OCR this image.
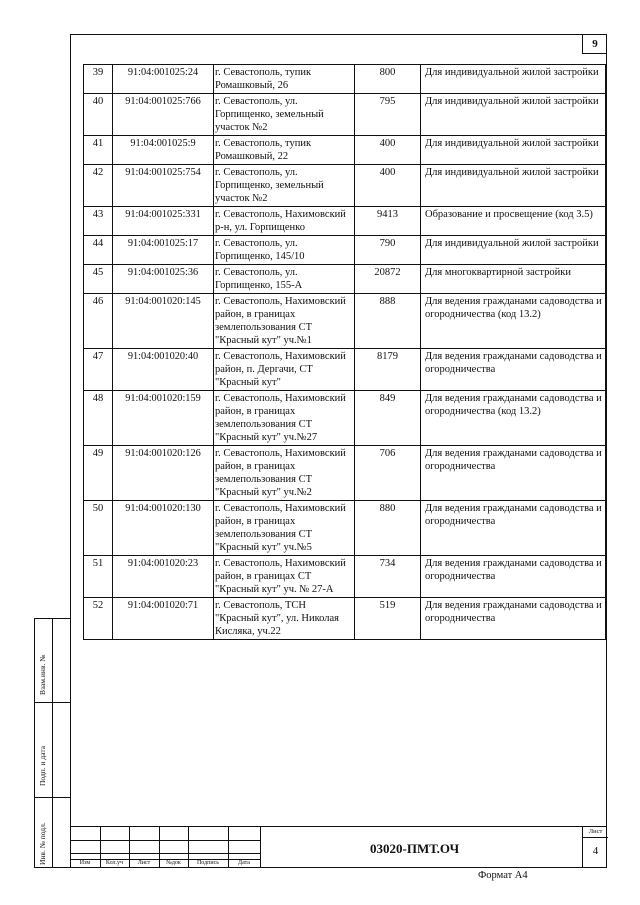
9
39	91:04:001025:24	г. Севастополь, тупик Ромашковый, 26	800	Для индивидуальной жилой застройки
40	91:04:001025:766	г. Севастополь, ул. Горпищенко, земельный участок №2	795	Для индивидуальной жилой застройки
41	91:04:001025:9	г. Севастополь, тупик Ромашковый, 22	400	Для индивидуальной жилой застройки
42	91:04:001025:754	г. Севастополь, ул. Горпищенко, земельный участок №2	400	Для индивидуальной жилой застройки
43	91:04:001025:331	г. Севастополь, Нахимовский р-н, ул. Горпищенко	9413	Образование и просвещение (код 3.5)
44	91:04:001025:17	г. Севастополь, ул. Горпищенко, 145/10	790	Для индивидуальной жилой застройки
45	91:04:001025:36	г. Севастополь, ул. Горпищенко, 155-А	20872	Для многоквартирной застройки
46	91:04:001020:145	г. Севастополь, Нахимовский район, в границах землепользования СТ "Красный кут" уч.№1	888	Для ведения гражданами садоводства и огородничества (код 13.2)
47	91:04:001020:40	г. Севастополь, Нахимовский район, п. Дергачи, СТ "Красный кут"	8179	Для ведения гражданами садоводства и огородничества
48	91:04:001020:159	г. Севастополь, Нахимовский район, в границах землепользования СТ "Красный кут" уч.№27	849	Для ведения гражданами садоводства и огородничества (код 13.2)
49	91:04:001020:126	г. Севастополь, Нахимовский район, в границах землепользования СТ "Красный кут" уч.№2	706	Для ведения гражданами садоводства и огородничества
50	91:04:001020:130	г. Севастополь, Нахимовский район, в границах землепользования СТ "Красный кут" уч.№5	880	Для ведения гражданами садоводства и огородничества
51	91:04:001020:23	г. Севастополь, Нахимовский район, в границах СТ "Красный кут" уч. № 27-А	734	Для ведения гражданами садоводства и огородничества
52	91:04:001020:71	г. Севастополь, ТСН "Красный кут", ул. Николая Кисляка, уч.22	519	Для ведения гражданами садоводства и огородничества
Взам.инв. №
Подп. и дата
Инв. № подл.	Изм	Кол.уч	Лист	№док	Подпись	Дата
03020-ПМТ.ОЧ
Лист
4
Формат А4
